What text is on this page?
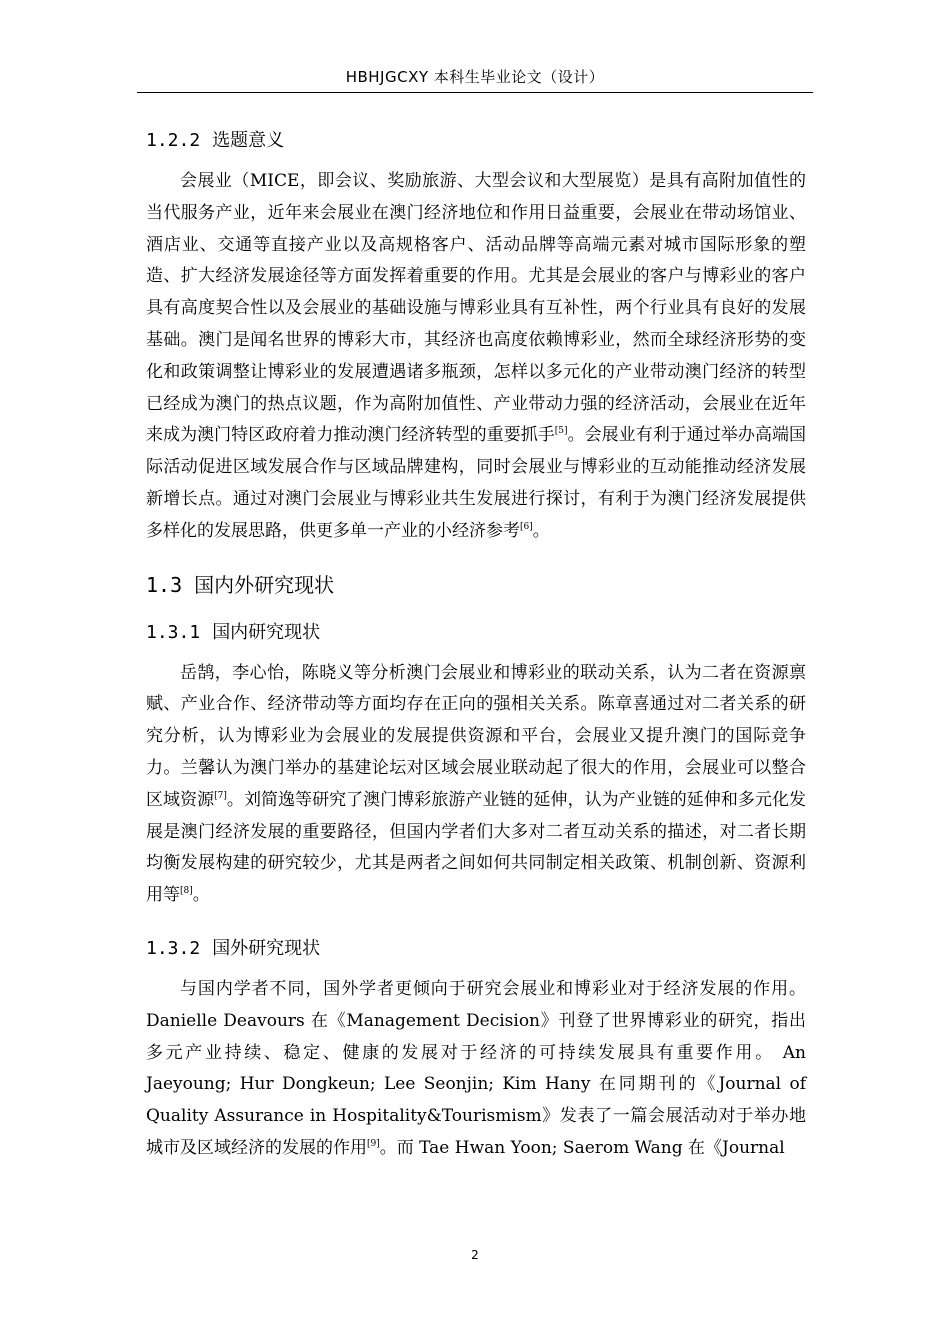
HBHJGCXY 本科生毕业论文（设计）
1.2.2 选题意义

会展业（MICE，即会议、奖励旅游、大型会议和大型展览）是具有高附加值性的当代服务产业，近年来会展业在澳门经济地位和作用日益重要，会展业在带动场馆业、酒店业、交通等直接产业以及高规格客户、活动品牌等高端元素对城市国际形象的塑造、扩大经济发展途径等方面发挥着重要的作用。尤其是会展业的客户与博彩业的客户具有高度契合性以及会展业的基础设施与博彩业具有互补性，两个行业具有良好的发展基础。澳门是闻名世界的博彩大市，其经济也高度依赖博彩业，然而全球经济形势的变化和政策调整让博彩业的发展遭遇诸多瓶颈，怎样以多元化的产业带动澳门经济的转型已经成为澳门的热点议题，作为高附加值性、产业带动力强的经济活动，会展业在近年来成为澳门特区政府着力推动澳门经济转型的重要抓手[5]。会展业有利于通过举办高端国际活动促进区域发展合作与区域品牌建构，同时会展业与博彩业的互动能推动经济发展新增长点。通过对澳门会展业与博彩业共生发展进行探讨，有利于为澳门经济发展提供多样化的发展思路，供更多单一产业的小经济参考[6]。

1.3 国内外研究现状
1.3.1 国内研究现状

岳鹄，李心怡，陈晓义等分析澳门会展业和博彩业的联动关系，认为二者在资源禀赋、产业合作、经济带动等方面均存在正向的强相关关系。陈章喜通过对二者关系的研究分析，认为博彩业为会展业的发展提供资源和平台，会展业又提升澳门的国际竞争力。兰馨认为澳门举办的基建论坛对区域会展业联动起了很大的作用，会展业可以整合区域资源[7]。刘简逸等研究了澳门博彩旅游产业链的延伸，认为产业链的延伸和多元化发展是澳门经济发展的重要路径，但国内学者们大多对二者互动关系的描述，对二者长期均衡发展构建的研究较少，尤其是两者之间如何共同制定相关政策、机制创新、资源利用等[8]。

1.3.2 国外研究现状

与国内学者不同，国外学者更倾向于研究会展业和博彩业对于经济发展的作用。 Danielle Deavours 在《Management Decision》刊登了世界博彩业的研究，指出多元产业持续、稳定、健康的发展对于经济的可持续发展具有重要作用。 An Jaeyoung; Hur Dongkeun; Lee Seonjin; Kim Hany 在同期刊的《Journal of Quality Assurance in Hospitality&Tourismism》发表了一篇会展活动对于举办地城市及区域经济的发展的作用[9]。而 Tae Hwan Yoon; Saerom Wang 在《Journal

2
